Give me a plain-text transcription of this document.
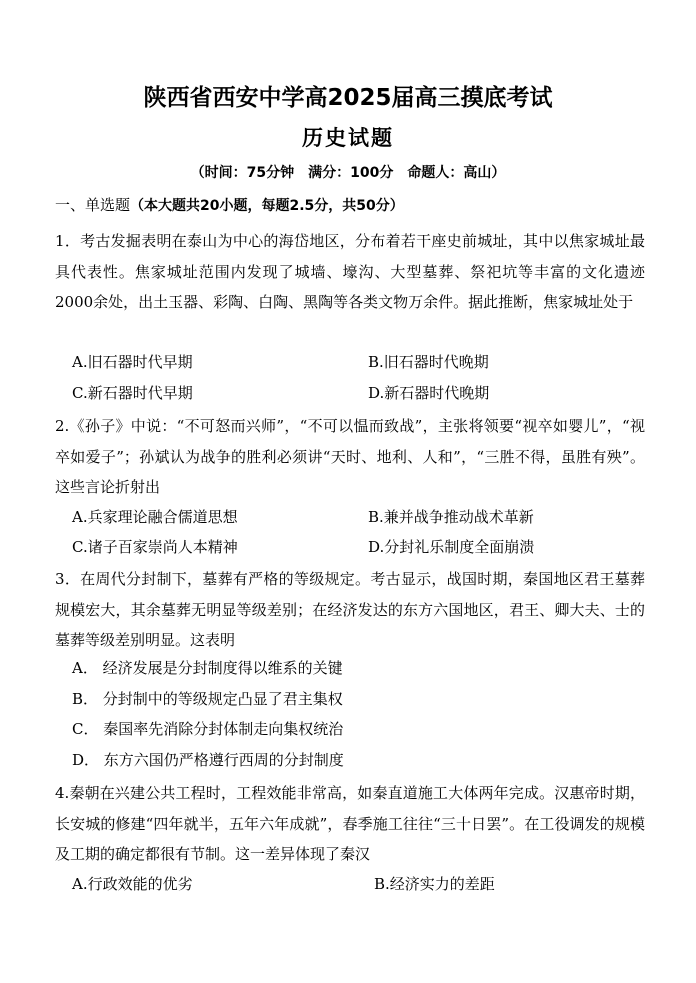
陕西省西安中学高2025届高三摸底考试
历史试题
（时间：75分钟　满分：100分　命题人：高山）
一、单选题（本大题共20小题，每题2.5分，共50分）
1．考古发掘表明在泰山为中心的海岱地区，分布着若干座史前城址，其中以焦家城址最具代表性。焦家城址范围内发现了城墙、壕沟、大型墓葬、祭祀坑等丰富的文化遗迹2000余处，出土玉器、彩陶、白陶、黑陶等各类文物万余件。据此推断，焦家城址处于
A.旧石器时代早期	B.旧石器时代晚期
C.新石器时代早期	D.新石器时代晚期
2.《孙子》中说：“不可怒而兴师”，“不可以愠而致战”，主张将领要“视卒如婴儿”，“视卒如爱子”；孙斌认为战争的胜利必须讲“天时、地利、人和”，“三胜不得，虽胜有殃”。这些言论折射出
A.兵家理论融合儒道思想	B.兼并战争推动战术革新
C.诸子百家崇尚人本精神	D.分封礼乐制度全面崩溃
3．在周代分封制下，墓葬有严格的等级规定。考古显示，战国时期，秦国地区君王墓葬规模宏大，其余墓葬无明显等级差别；在经济发达的东方六国地区，君王、卿大夫、士的墓葬等级差别明显。这表明
A． 经济发展是分封制度得以维系的关键
B． 分封制中的等级规定凸显了君主集权
C． 秦国率先消除分封体制走向集权统治
D． 东方六国仍严格遵行西周的分封制度
4.秦朝在兴建公共工程时，工程效能非常高，如秦直道施工大体两年完成。汉惠帝时期，长安城的修建“四年就半，五年六年成就”，春季施工往往“三十日罢”。在工役调发的规模及工期的确定都很有节制。这一差异体现了秦汉
A.行政效能的优劣	B.经济实力的差距
